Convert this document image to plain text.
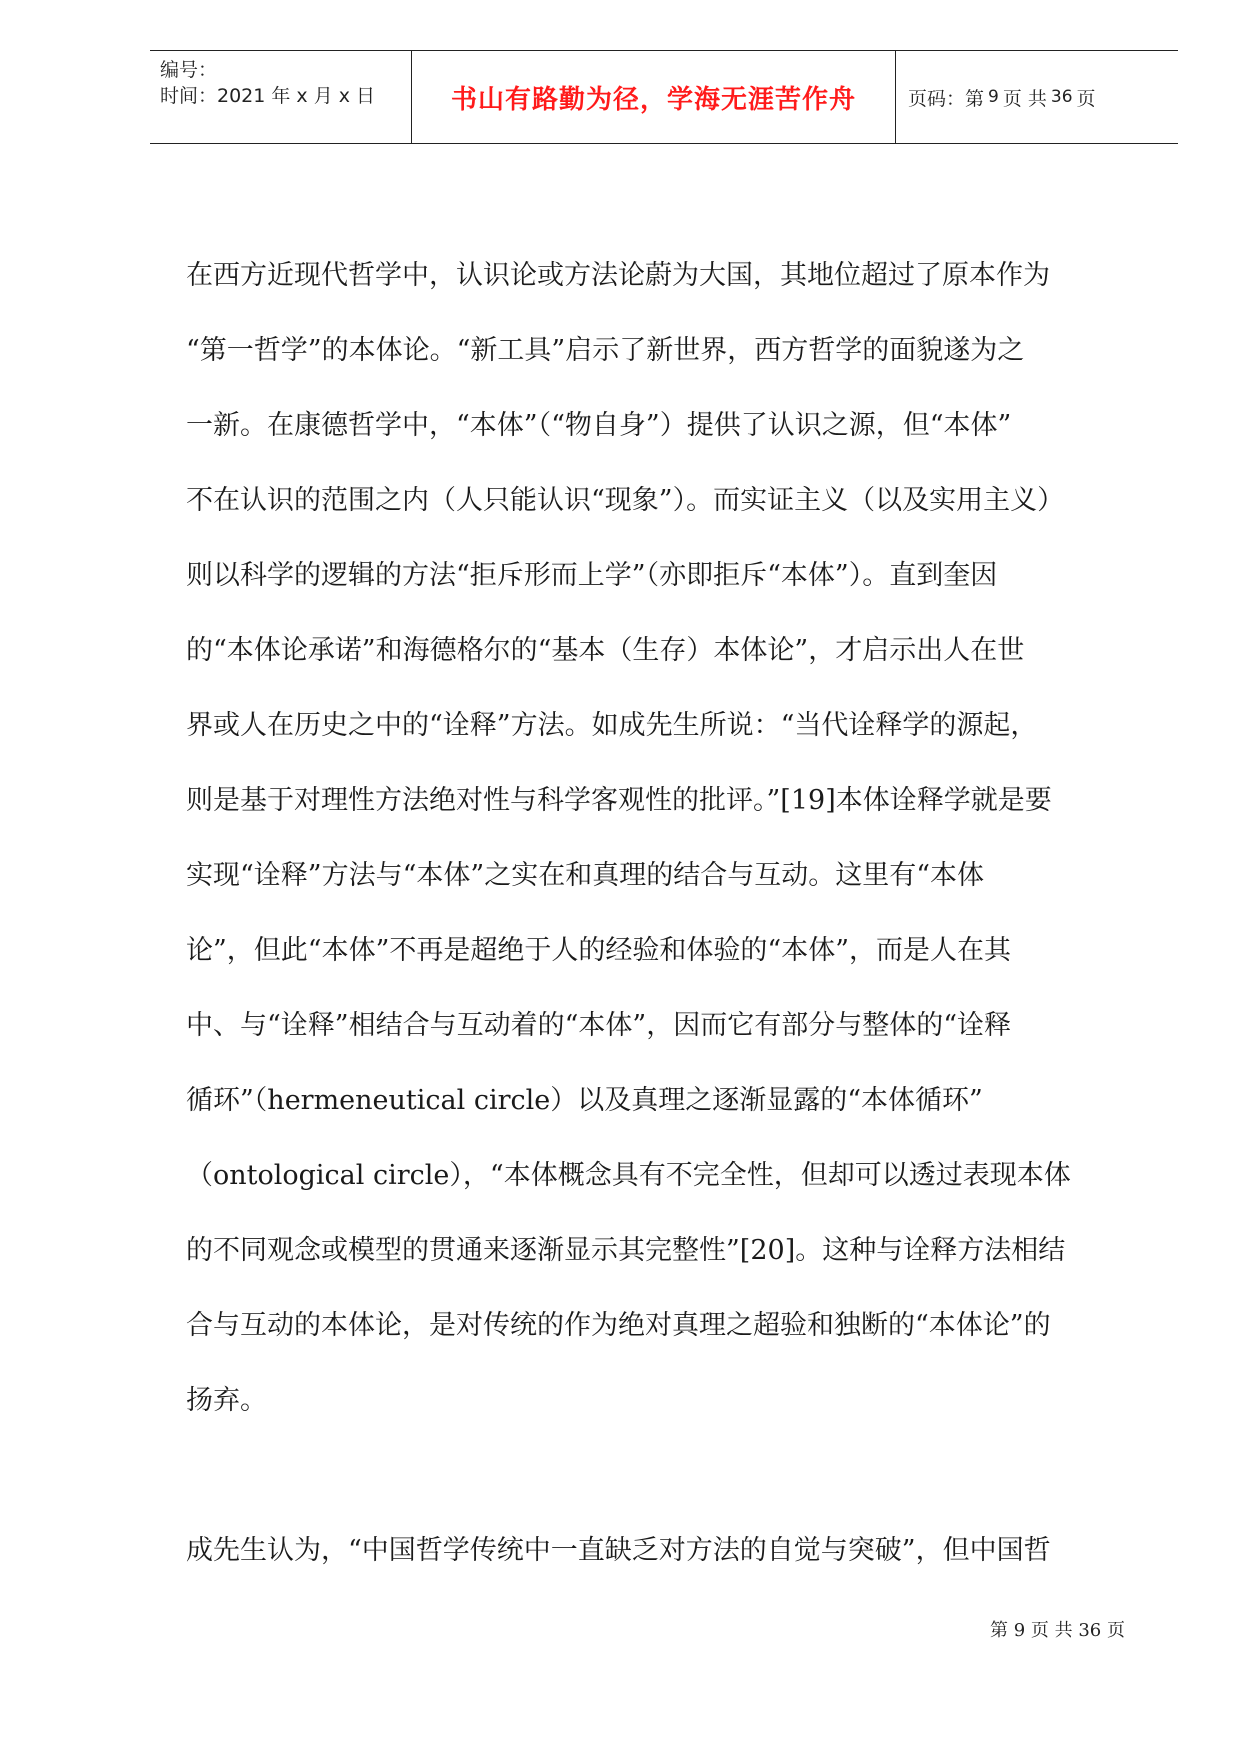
编号：
时间：2021 年 x 月 x 日	书山有路勤为径，学海无涯苦作舟	页码：第 9 页 共 36 页
在西方近现代哲学中，认识论或方法论蔚为大国，其地位超过了原本作为
“第一哲学”的本体论。“新工具”启示了新世界，西方哲学的面貌遂为之
一新。在康德哲学中，“本体”（“物自身”）提供了认识之源，但“本体”
不在认识的范围之内（人只能认识“现象”）。而实证主义（以及实用主义）
则以科学的逻辑的方法“拒斥形而上学”（亦即拒斥“本体”）。直到奎因
的“本体论承诺”和海德格尔的“基本（生存）本体论”，才启示出人在世
界或人在历史之中的“诠释”方法。如成先生所说：“当代诠释学的源起，
则是基于对理性方法绝对性与科学客观性的批评。”[19]本体诠释学就是要
实现“诠释”方法与“本体”之实在和真理的结合与互动。这里有“本体
论”，但此“本体”不再是超绝于人的经验和体验的“本体”，而是人在其
中、与“诠释”相结合与互动着的“本体”，因而它有部分与整体的“诠释
循环”（hermeneutical circle）以及真理之逐渐显露的“本体循环”
（ontological circle），“本体概念具有不完全性，但却可以透过表现本体
的不同观念或模型的贯通来逐渐显示其完整性”[20]。这种与诠释方法相结
合与互动的本体论，是对传统的作为绝对真理之超验和独断的“本体论”的
扬弃。
成先生认为，“中国哲学传统中一直缺乏对方法的自觉与突破”，但中国哲
第 9 页 共 36 页
